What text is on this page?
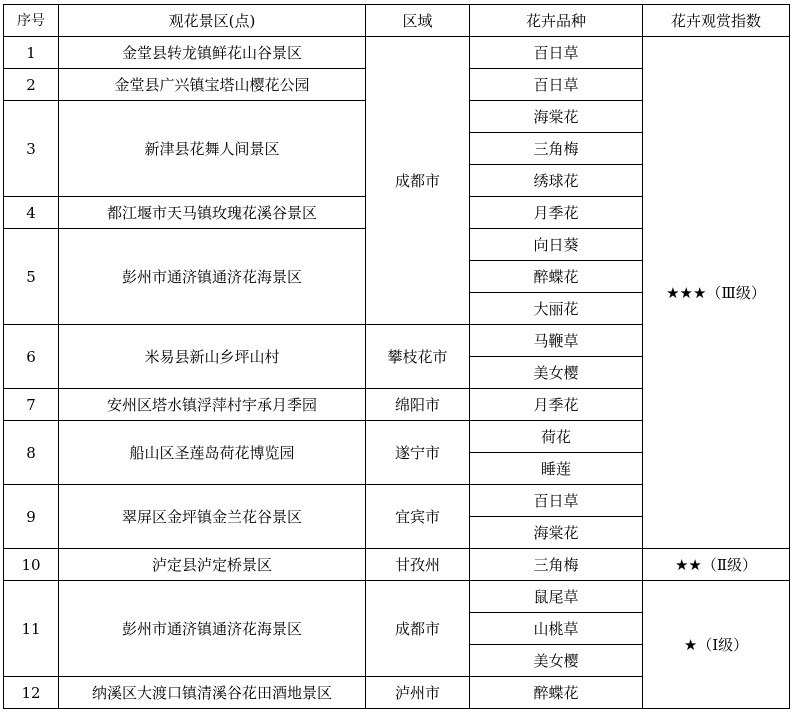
序号	观花景区(点)	区域	花卉品种	花卉观赏指数
1	金堂县转龙镇鲜花山谷景区	成都市	百日草	★★★（Ⅲ级）
2	金堂县广兴镇宝塔山樱花公园		百日草	
3	新津县花舞人间景区		海棠花	
			三角梅	
			绣球花	
4	都江堰市天马镇玫瑰花溪谷景区		月季花	
5	彭州市通济镇通济花海景区		向日葵	
			醉蝶花	
			大丽花	
6	米易县新山乡坪山村	攀枝花市	马鞭草	
			美女樱	
7	安州区塔水镇浮萍村宇承月季园	绵阳市	月季花	
8	船山区圣莲岛荷花博览园	遂宁市	荷花	
			睡莲	
9	翠屏区金坪镇金兰花谷景区	宜宾市	百日草	
			海棠花	
10	泸定县泸定桥景区	甘孜州	三角梅	★★（Ⅱ级）
11	彭州市通济镇通济花海景区	成都市	鼠尾草	★（Ⅰ级）
			山桃草	
			美女樱	
12	纳溪区大渡口镇清溪谷花田酒地景区	泸州市	醉蝶花	
